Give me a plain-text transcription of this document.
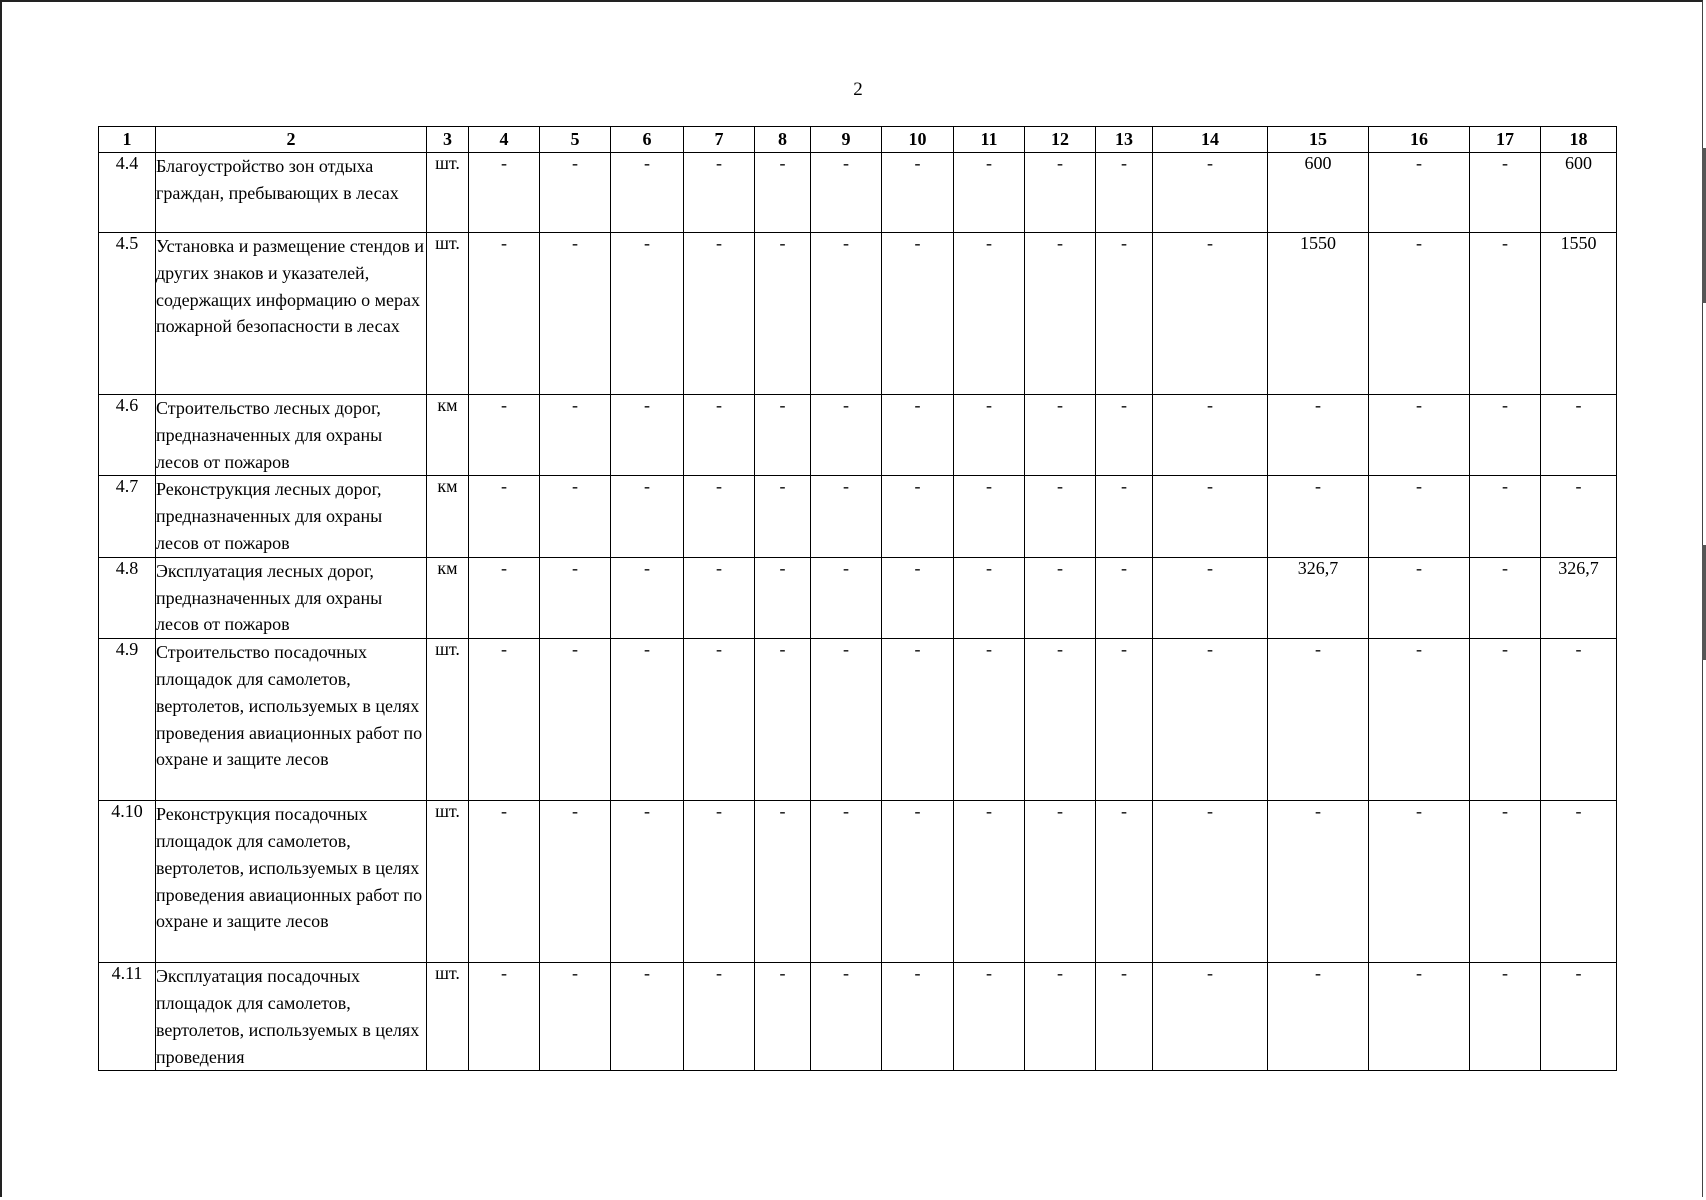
2
1	2	3	4	5	6	7	8	9	10	11	12	13	14	15	16	17	18
4.4	Благоустройство зон отдыха граждан, пребывающих в лесах	шт.	-	-	-	-	-	-	-	-	-	-	-	600	-	-	600
4.5	Установка и размещение стендов и других знаков и указателей, содержащих информацию о мерах пожарной безопасности в лесах	шт.	-	-	-	-	-	-	-	-	-	-	-	1550	-	-	1550
4.6	Строительство лесных дорог, предназначенных для охраны лесов от пожаров	км	-	-	-	-	-	-	-	-	-	-	-	-	-	-	-
4.7	Реконструкция лесных дорог, предназначенных для охраны лесов от пожаров	км	-	-	-	-	-	-	-	-	-	-	-	-	-	-	-
4.8	Эксплуатация лесных дорог, предназначенных для охраны лесов от пожаров	км	-	-	-	-	-	-	-	-	-	-	-	326,7	-	-	326,7
4.9	Строительство посадочных площадок для самолетов, вертолетов, используемых в целях проведения авиационных работ по охране и защите лесов	шт.	-	-	-	-	-	-	-	-	-	-	-	-	-	-	-
4.10	Реконструкция посадочных площадок для самолетов, вертолетов, используемых в целях проведения авиационных работ по охране и защите лесов	шт.	-	-	-	-	-	-	-	-	-	-	-	-	-	-	-
4.11	Эксплуатация посадочных площадок для самолетов, вертолетов, используемых в целях проведения	шт.	-	-	-	-	-	-	-	-	-	-	-	-	-	-	-
